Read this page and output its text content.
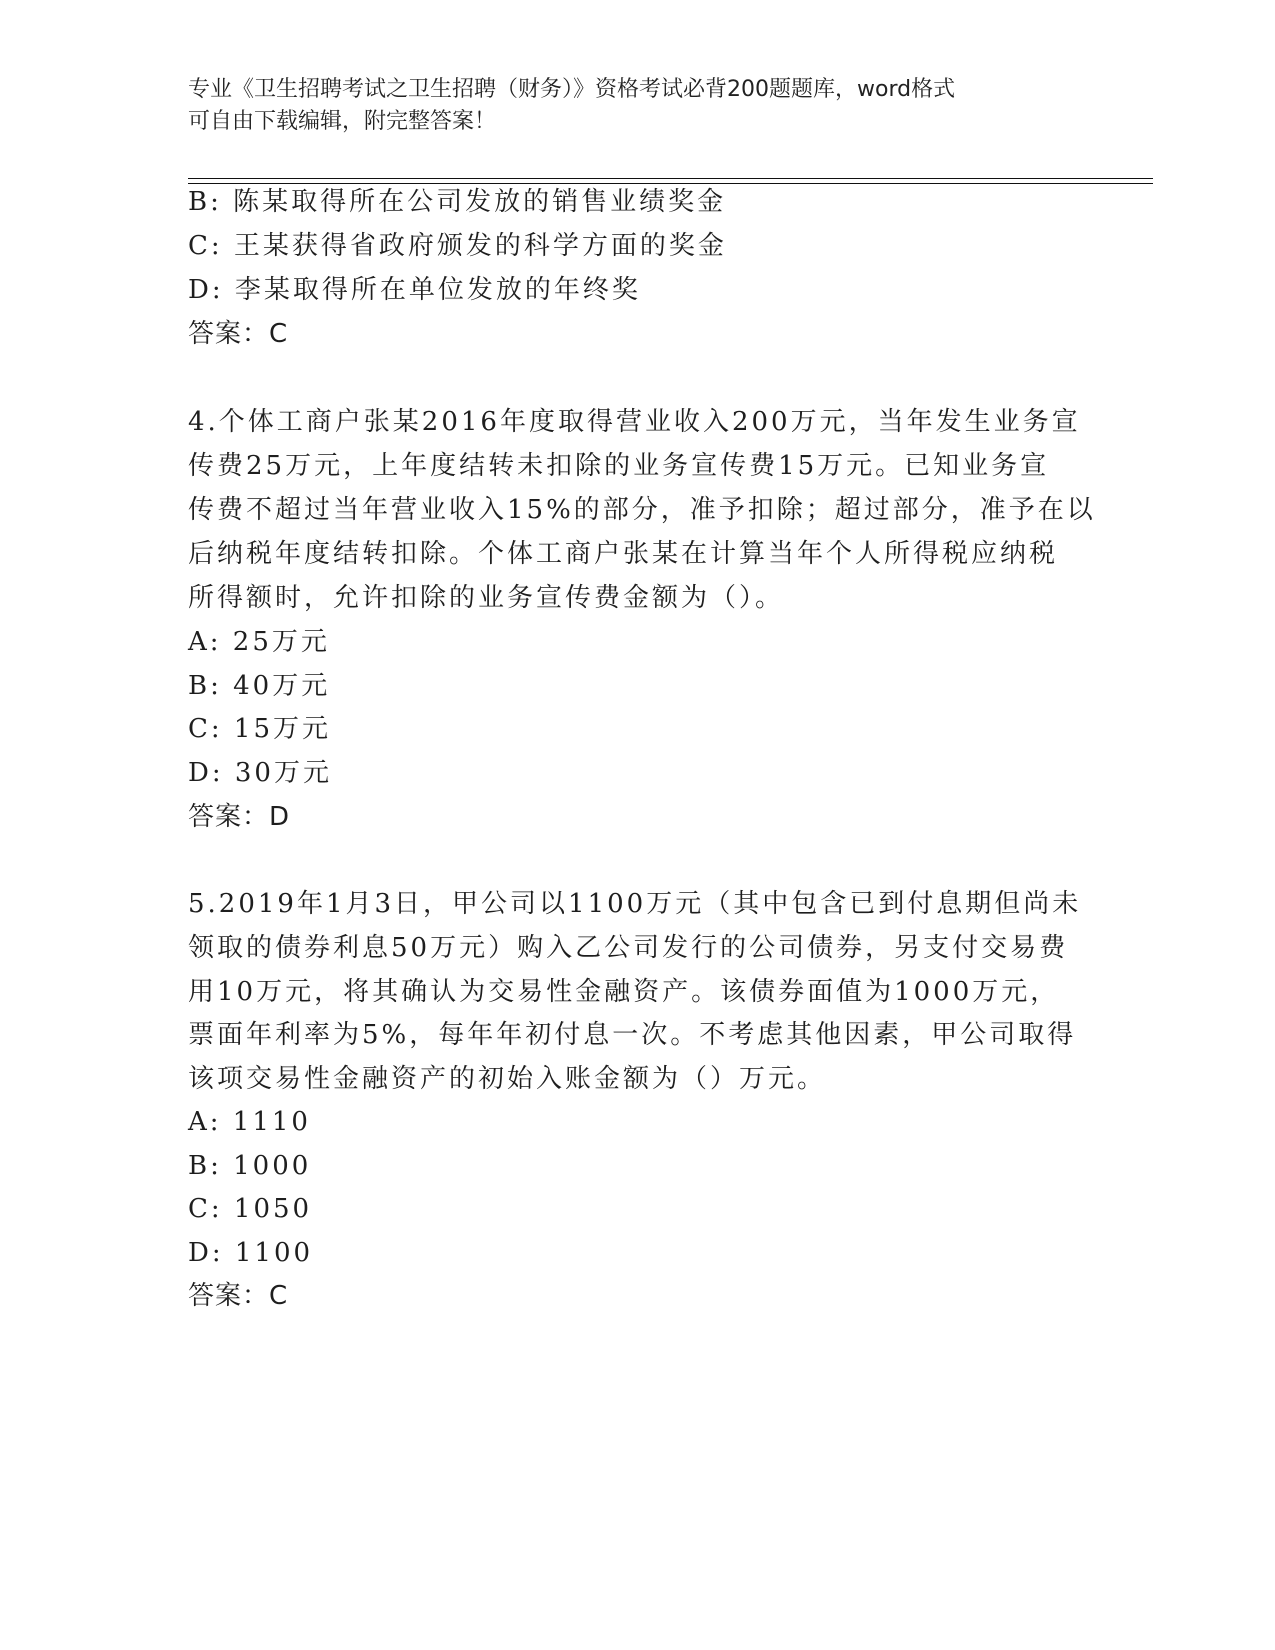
专业《卫生招聘考试之卫生招聘（财务）》资格考试必背200题题库，word格式
可自由下载编辑，附完整答案！
B: 陈某取得所在公司发放的销售业绩奖金
C: 王某获得省政府颁发的科学方面的奖金
D: 李某取得所在单位发放的年终奖
答案：C
4.个体工商户张某2016年度取得营业收入200万元，当年发生业务宣
传费25万元，上年度结转未扣除的业务宣传费15万元。已知业务宣
传费不超过当年营业收入15%的部分，准予扣除；超过部分，准予在以
后纳税年度结转扣除。个体工商户张某在计算当年个人所得税应纳税
所得额时，允许扣除的业务宣传费金额为（）。
A: 25万元
B: 40万元
C: 15万元
D: 30万元
答案：D
5.2019年1月3日，甲公司以1100万元（其中包含已到付息期但尚未
领取的债券利息50万元）购入乙公司发行的公司债券，另支付交易费
用10万元，将其确认为交易性金融资产。该债券面值为1000万元，
票面年利率为5%，每年年初付息一次。不考虑其他因素，甲公司取得
该项交易性金融资产的初始入账金额为（）万元。
A: 1110
B: 1000
C: 1050
D: 1100
答案：C
